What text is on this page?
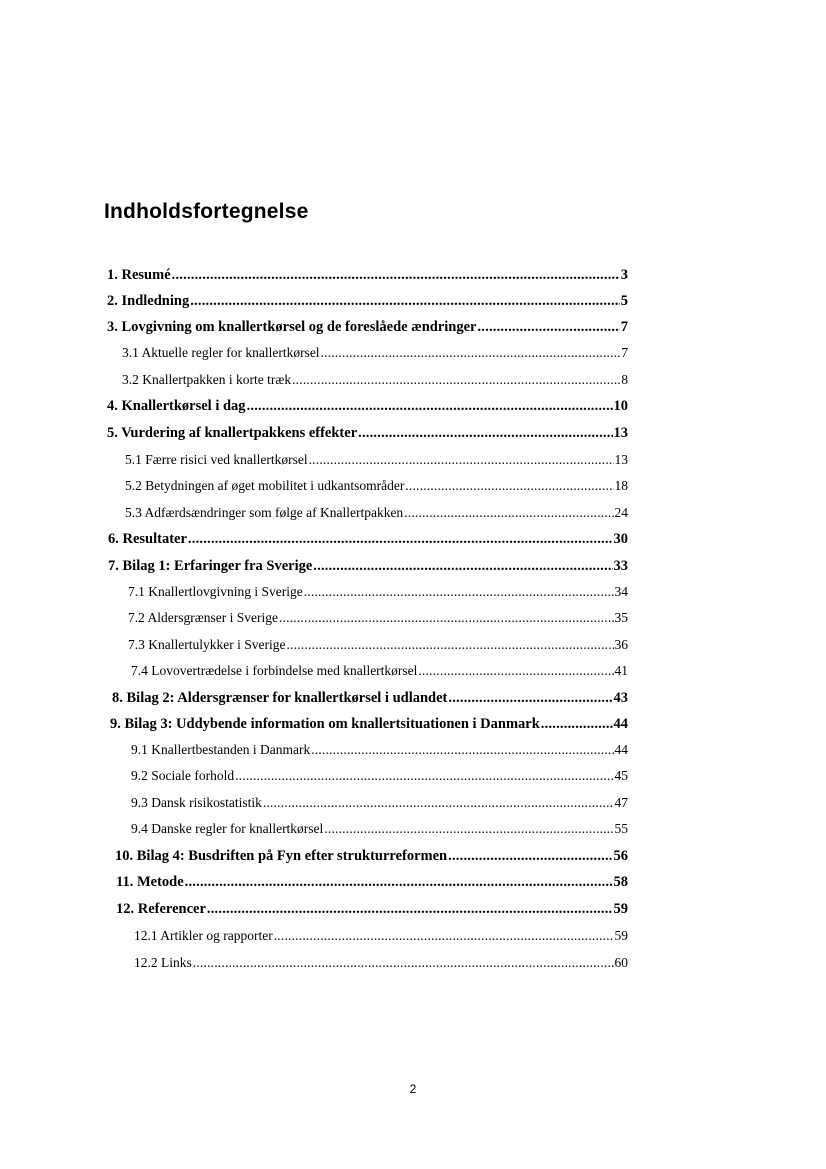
Indholdsfortegnelse
1. Resumé .....	3
2. Indledning .....	5
3. Lovgivning om knallertkørsel og de foreslåede ændringer .....	7
3.1 Aktuelle regler for knallertkørsel .....	7
3.2 Knallertpakken i korte træk .....	8
4. Knallertkørsel i dag .....	10
5. Vurdering af knallertpakkens effekter .....	13
5.1 Færre risici ved knallertkørsel .....	13
5.2 Betydningen af øget mobilitet i udkantsområder .....	18
5.3 Adfærdsændringer som følge af Knallertpakken .....	24
6. Resultater .....	30
7. Bilag 1: Erfaringer fra Sverige .....	33
7.1 Knallertlovgivning i Sverige .....	34
7.2 Aldersgrænser i Sverige .....	35
7.3 Knallertulykker i Sverige .....	36
7.4 Lovovertrædelse i forbindelse med knallertkørsel .....	41
8. Bilag 2: Aldersgrænser for knallertkørsel i udlandet .....	43
9. Bilag 3: Uddybende information om knallertsituationen i Danmark .....	44
9.1 Knallertbestanden i Danmark .....	44
9.2 Sociale forhold .....	45
9.3 Dansk risikostatistik .....	47
9.4 Danske regler for knallertkørsel .....	55
10. Bilag 4: Busdriften på Fyn efter strukturreformen .....	56
11. Metode .....	58
12. Referencer .....	59
12.1 Artikler og rapporter .....	59
12.2 Links .....	60
2
